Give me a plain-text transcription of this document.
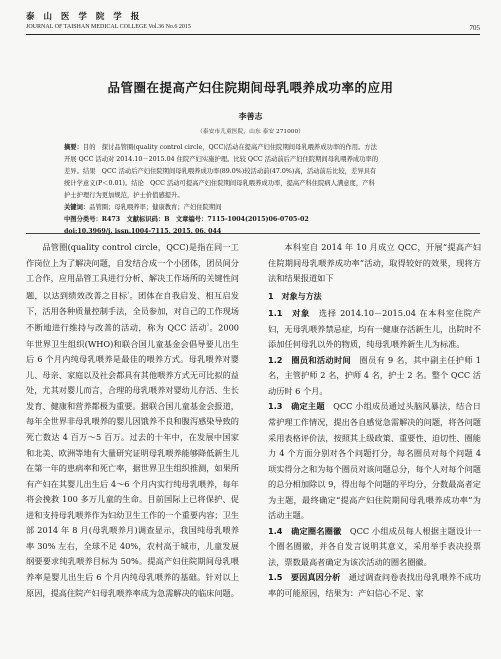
泰 山 医 学 院 学 报
JOURNAL OF TAISHAN MEDICAL COLLEGE Vol.36 No.6 2015	705
品管圈在提高产妇住院期间母乳喂养成功率的应用
李善志
（泰安市儿童医院，山东 泰安 271000）

摘要：目的　探讨品管圈(quality control circle，QCC)活动在提高产妇住院期间母乳喂养成功率的作用。方法

开展 QCC 活动对 2014.10－2015.04 住院产妇实施护理。比较 QCC 活动前后产妇住院期间母乳喂养成功率的

差异。结果　QCC 活动后产妇住院期间母乳喂养成功率(89.0%)较活动前(47.0%)高，活动前后比较，差异具有

统计学意义(P＜0.01)。结论　QCC 活动可提高产妇住院期间母乳喂养成功率，提高产科住院病人满意度，产科

护士护理行为更加规范，护士价值感提升。

关键词：品管圈；母乳喂养率；健康教育；产妇住院期间

中图分类号：R473　文献标识码：B　文章编号：7115-1004(2015)06-0705-02

doi:10.3969/j. issn.1004-7115. 2015. 06. 044

品管圈(quality control circle，QCC)是指在同一工作岗位上为了解决问题，自发结合成一个小团体，团员间分工合作，应用品管工具进行分析、解决工作场所的关键性问题，以达到绩效改善之目标$^{^1}$。团体在自我启发、相互启发下，活用各种质量控制手法，全员参加，对自己的工作现场不断地进行维持与改善的活动，称为 QCC 活动$^{^2}$。2000 年世界卫生组织(WHO)和联合国儿童基金会倡导要儿出生后 6 个月内纯母乳喂养是最佳的喂养方式。母乳喂养对婴儿、母亲、家庭以及社会都具有其他喂养方式无可比拟的益处，尤其对婴儿而言，合理的母乳喂养对婴幼儿存活、生长发育、健康和营养都极为重要。据联合国儿童基金会报道，每年全世界非母乳喂养的婴儿因饿养不良和腹泻感染导致的死亡数达 4 百万～5 百万。过去的十年中，在发展中国家和北美、欧洲等地有大量研究证明母乳喂养能够降低新生儿在第一年的患病率和死亡率，据世界卫生组织推测，如果所有产妇在其婴儿出生后 4～6 个月内实行纯母乳喂养，每年将会挽救 100 多万儿童的生命。目前国际上已将保护、促进和支持母乳喂养作为妇幼卫生工作的一个重要内容；卫生部 2014 年 8 月(母乳喂养月)调查显示，我国纯母乳喂养率 30% 左右，全球不足 40%，农村高于城市，儿童发展纲要要求纯乳喂养目标为 50%。提高产妇住院期间母乳喂养率是婴儿出生后 6 个月内纯母乳喂养的基础。针对以上原因，提高住院产妇母乳喂养率成为急需解决的临床问题。

本科室自 2014 年 10 月成立 QCC，开展“提高产妇住院期间母乳喂养成功率”活动，取得较好的效果，现将方法和结果报道如下

1　对象与方法

1.1　对象　 选择 2014.10－2015.04 在本科室住院产妇，无母乳喂养禁忌症，均有一健康存活新生儿，出院时不添加任何母乳以外的物质，纯母乳喂养新生儿为标准。

1.2　圈员和活动时间　 圈员有 9 名，其中副主任护师 1 名，主管护师 2 名，护师 4 名，护士 2 名。整个 QCC 活动历时 6 个月。

1.3　确定主题　 QCC 小组成员通过头脑风暴法，结合日常护理工作情况，提出各自感觉急需解决的问题，将各问题采用表格评价法，按照其上级政策、重要性、迫切性、圈能力 4 个方面分别对各个问题打分，每名圈员对每个问题 4 项实得分之和为每个圈员对该问题总分，每个人对每个问题的总分相加除以 9，得出每个问题的平均分，分数最高者定为主题，最终确定“提高产妇住院期间母乳喂养成功率”为活动主题。

1.4　确定圈名圈徽　 QCC 小组成员每人根据主题设计一个圈名圈徽，并各自发言说明其意义，采用举手表决投票法，票数最高者确定为该次活动的圈名圈徽。

1.5　要因真因分析　 通过调查问卷表找出母乳喂养不成功率的可能原因，结果为：产妇信心不足、家
